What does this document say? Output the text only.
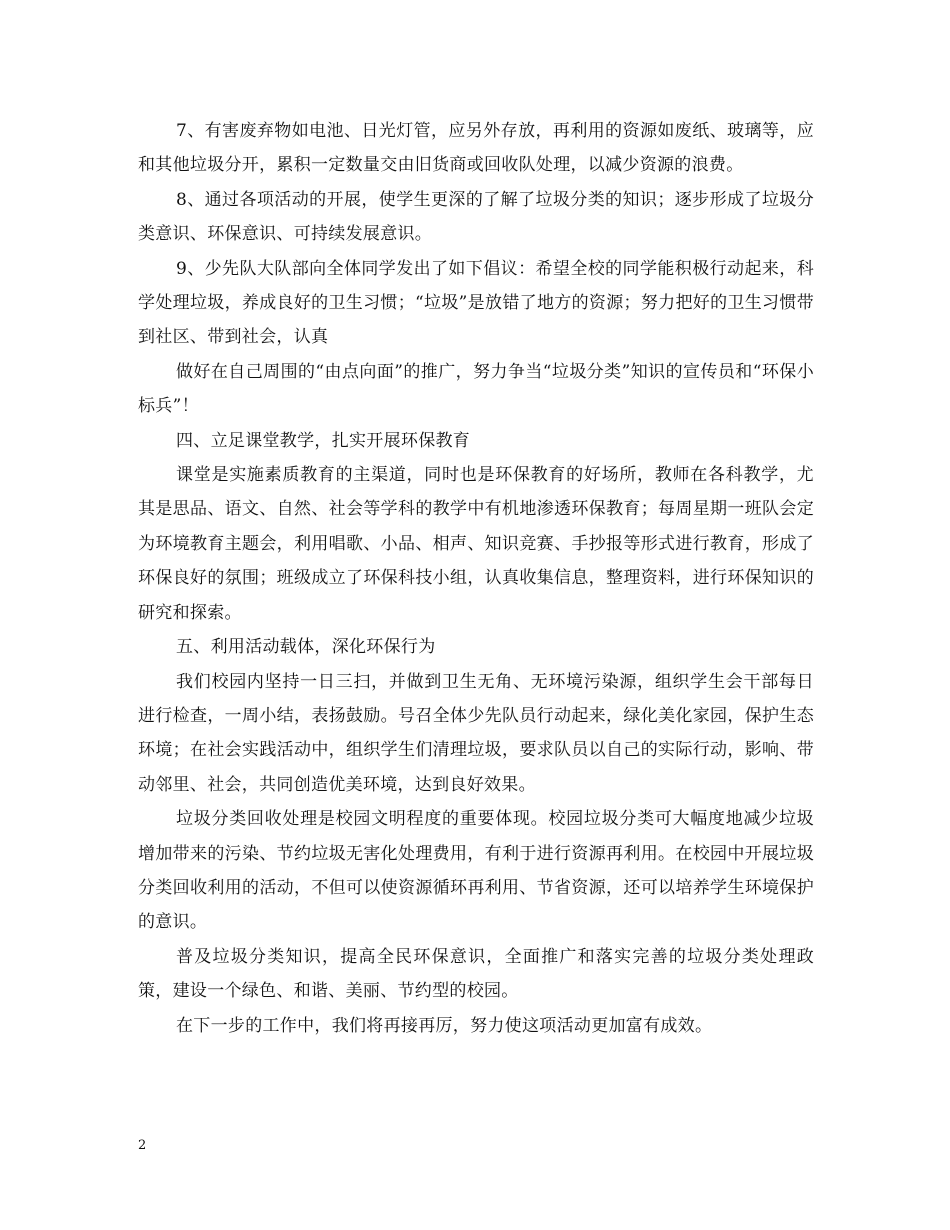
7、有害废弃物如电池、日光灯管，应另外存放，再利用的资源如废纸、玻璃等，应和其他垃圾分开，累积一定数量交由旧货商或回收队处理，以减少资源的浪费。

8、通过各项活动的开展，使学生更深的了解了垃圾分类的知识；逐步形成了垃圾分类意识、环保意识、可持续发展意识。

9、少先队大队部向全体同学发出了如下倡议：希望全校的同学能积极行动起来，科学处理垃圾，养成良好的卫生习惯；“垃圾”是放错了地方的资源；努力把好的卫生习惯带到社区、带到社会，认真

做好在自己周围的“由点向面”的推广，努力争当“垃圾分类”知识的宣传员和“环保小标兵”！

四、立足课堂教学，扎实开展环保教育

课堂是实施素质教育的主渠道，同时也是环保教育的好场所，教师在各科教学，尤其是思品、语文、自然、社会等学科的教学中有机地渗透环保教育；每周星期一班队会定为环境教育主题会，利用唱歌、小品、相声、知识竞赛、手抄报等形式进行教育，形成了环保良好的氛围；班级成立了环保科技小组，认真收集信息，整理资料，进行环保知识的研究和探索。

五、利用活动载体，深化环保行为

我们校园内坚持一日三扫，并做到卫生无角、无环境污染源，组织学生会干部每日进行检查，一周小结，表扬鼓励。号召全体少先队员行动起来，绿化美化家园，保护生态环境；在社会实践活动中，组织学生们清理垃圾，要求队员以自己的实际行动，影响、带动邻里、社会，共同创造优美环境，达到良好效果。

垃圾分类回收处理是校园文明程度的重要体现。校园垃圾分类可大幅度地减少垃圾增加带来的污染、节约垃圾无害化处理费用，有利于进行资源再利用。在校园中开展垃圾分类回收利用的活动，不但可以使资源循环再利用、节省资源，还可以培养学生环境保护的意识。

普及垃圾分类知识，提高全民环保意识，全面推广和落实完善的垃圾分类处理政策，建设一个绿色、和谐、美丽、节约型的校园。

在下一步的工作中，我们将再接再厉，努力使这项活动更加富有成效。

2
